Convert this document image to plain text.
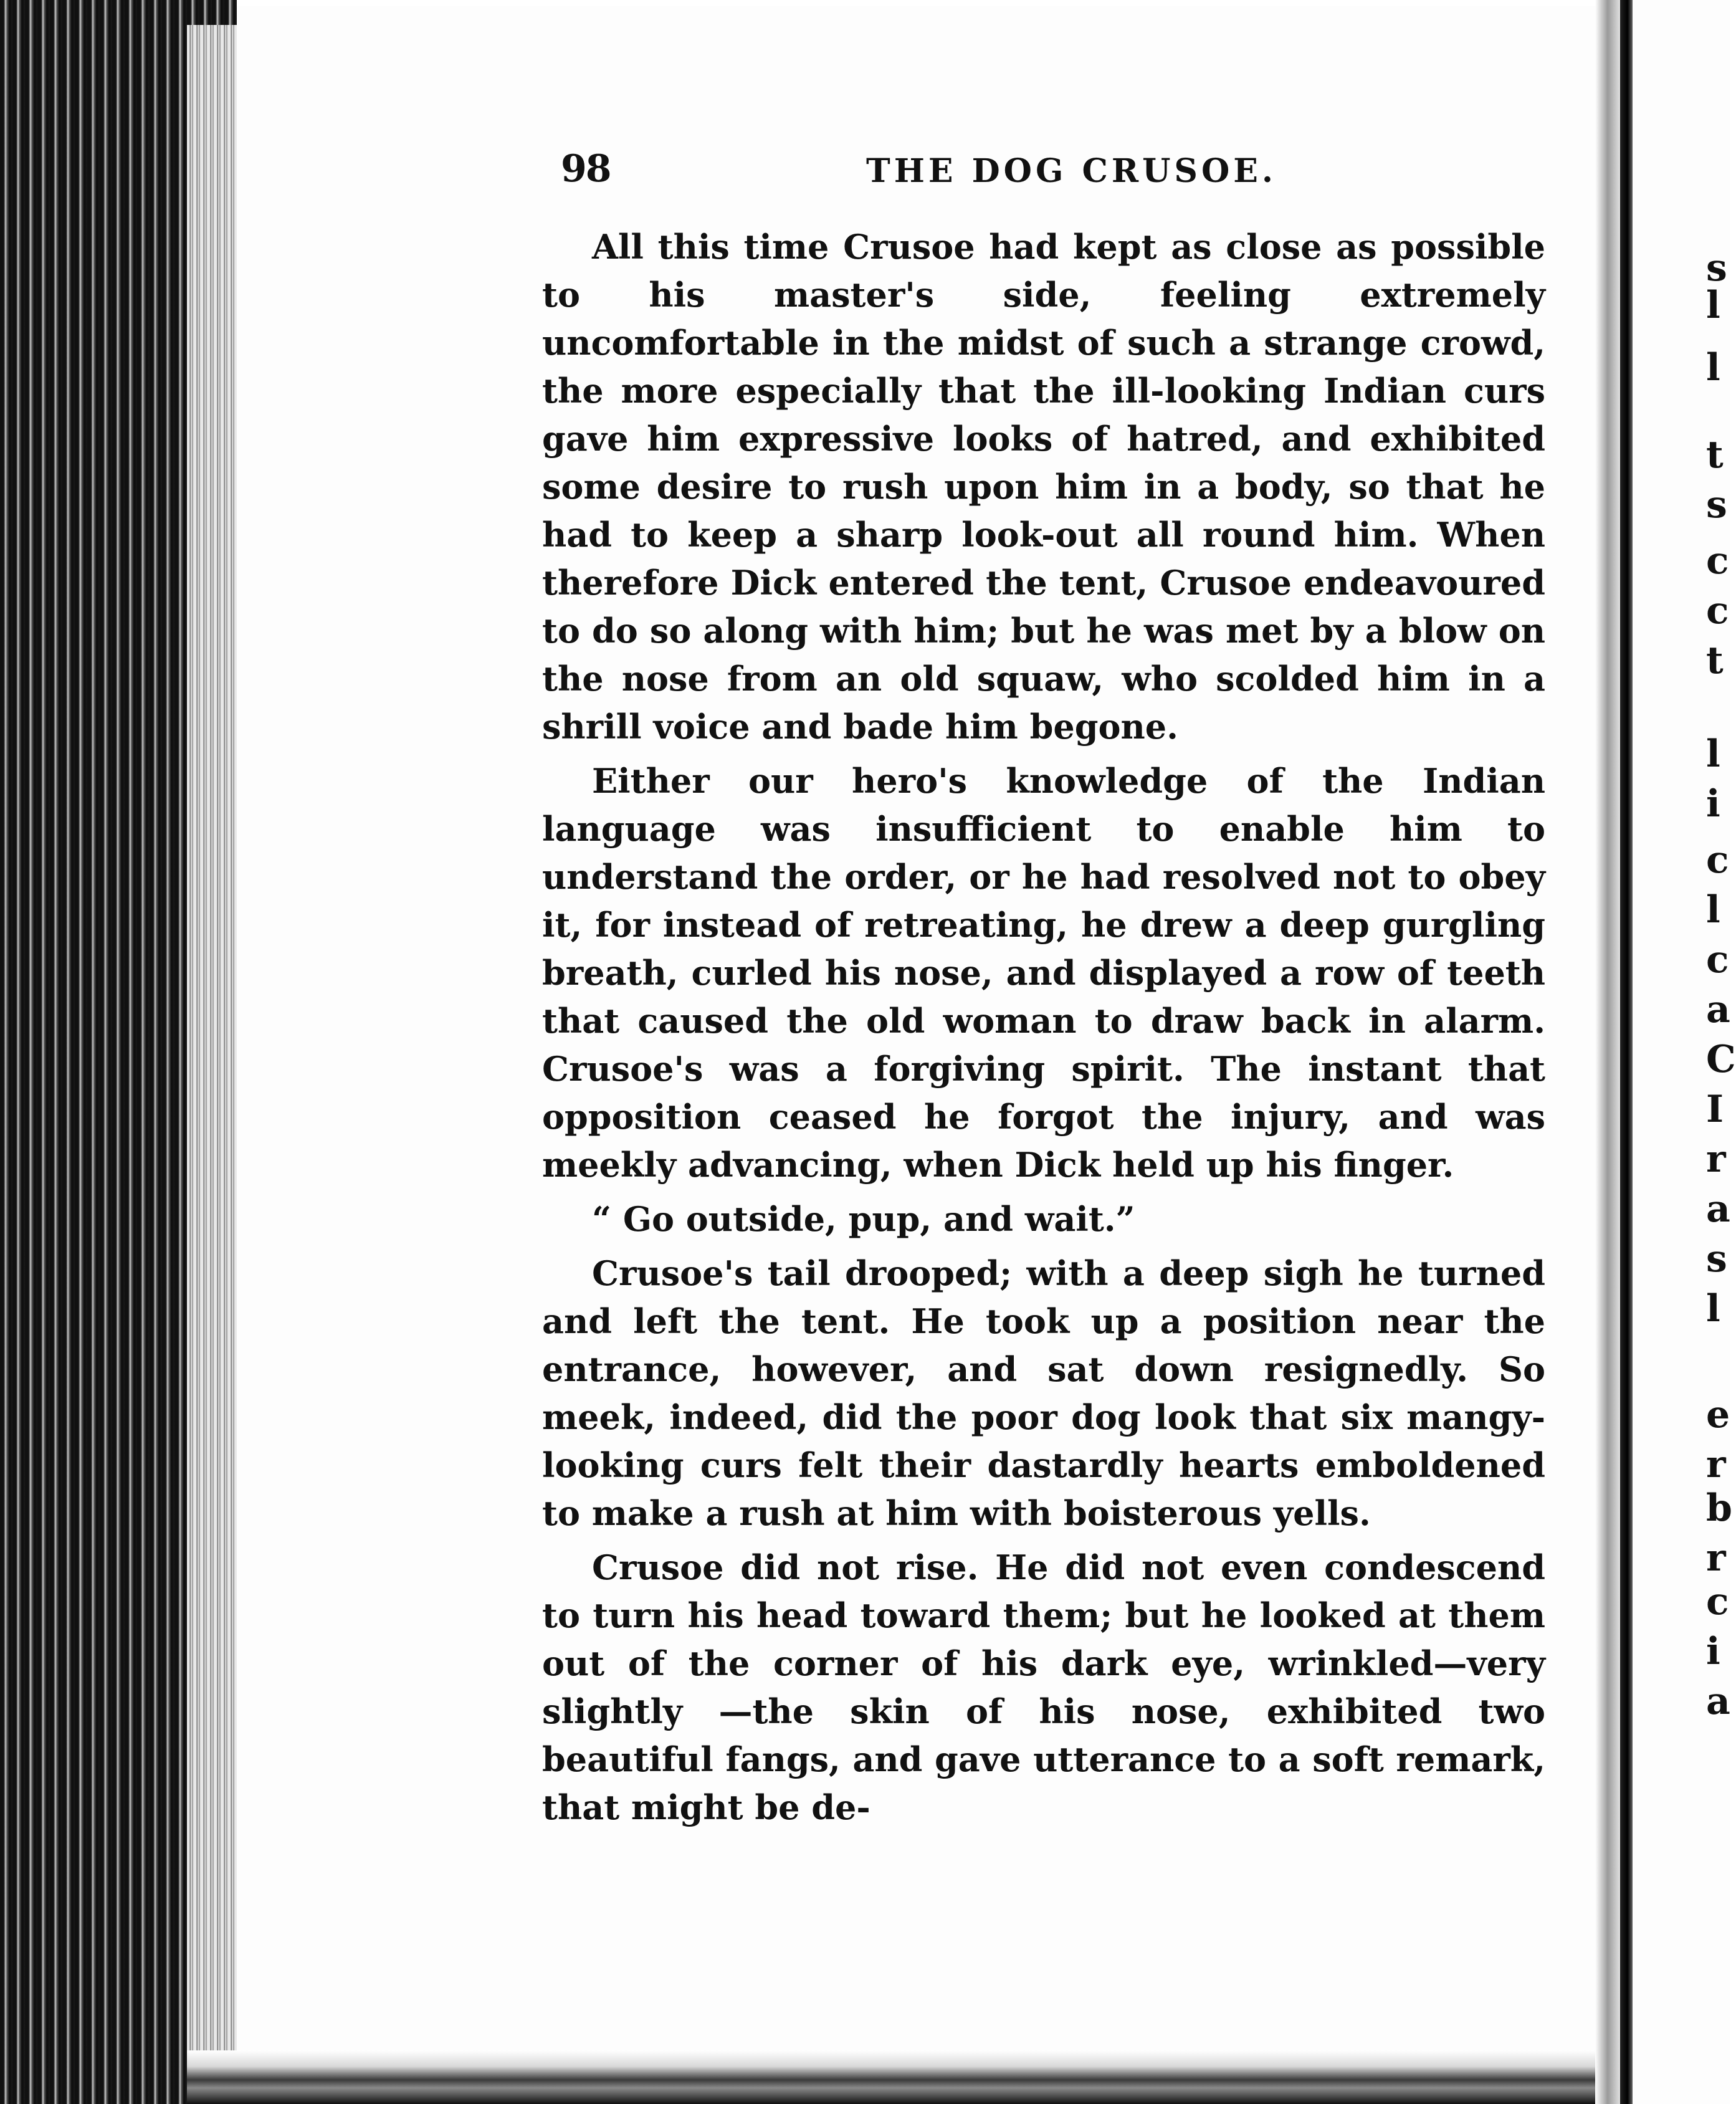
98	THE DOG CRUSOE.

All this time Crusoe had kept as close as possible to his master's side, feeling extremely uncomfortable in the midst of such a strange crowd, the more especially that the ill-looking Indian curs gave him expressive looks of hatred, and exhibited some desire to rush upon him in a body, so that he had to keep a sharp look-out all round him. When therefore Dick entered the tent, Crusoe endeavoured to do so along with him; but he was met by a blow on the nose from an old squaw, who scolded him in a shrill voice and bade him begone.

Either our hero's knowledge of the Indian language was insufficient to enable him to understand the order, or he had resolved not to obey it, for instead of retreating, he drew a deep gurgling breath, curled his nose, and displayed a row of teeth that caused the old woman to draw back in alarm. Crusoe's was a forgiving spirit. The instant that opposition ceased he forgot the injury, and was meekly advancing, when Dick held up his finger.

“ Go outside, pup, and wait.”

Crusoe's tail drooped; with a deep sigh he turned and left the tent. He took up a position near the entrance, however, and sat down resignedly. So meek, indeed, did the poor dog look that six mangy-looking curs felt their dastardly hearts emboldened to make a rush at him with boisterous yells.

Crusoe did not rise. He did not even condescend to turn his head toward them; but he looked at them out of the corner of his dark eye, wrinkled—very slightly —the skin of his nose, exhibited two beautiful fangs, and gave utterance to a soft remark, that might be de-

s
l
l
t
s
c
c
t
l
i
c
l
c
a
C
I
r
a
s
l
e
r
b
r
c
i
a
